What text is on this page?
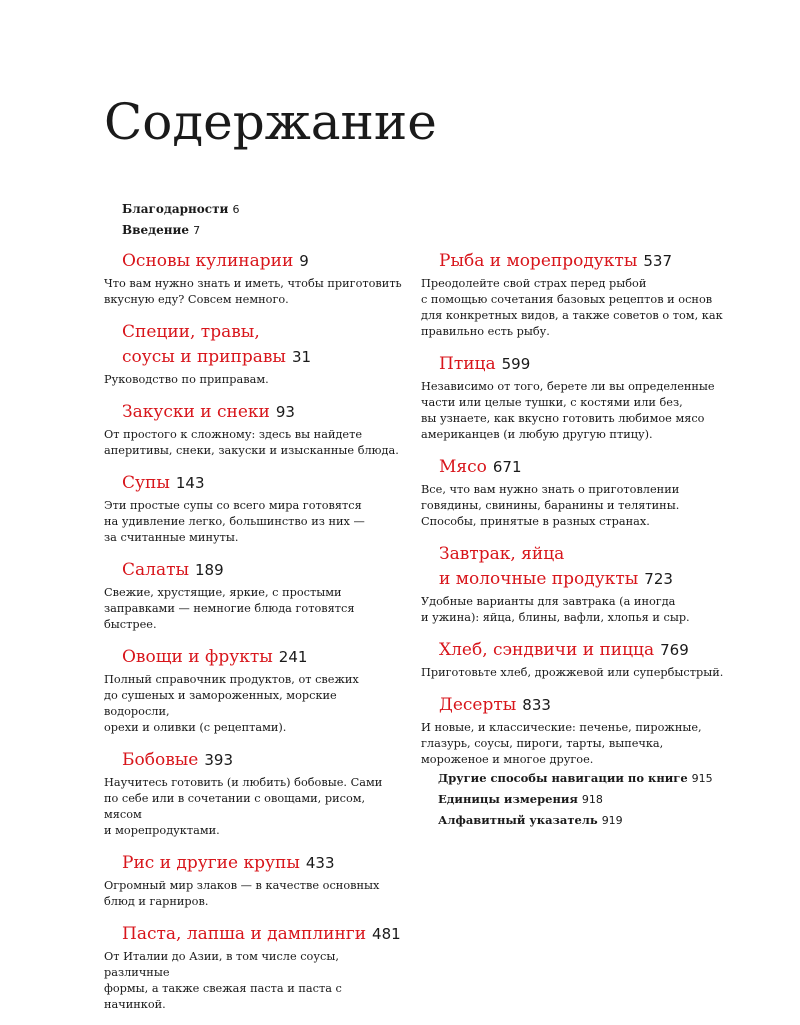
Содержание
Благодарности 6
Введение 7
Основы кулинарии 9
Что вам нужно знать и иметь, чтобы приготовить
вкусную еду? Совсем немного.
Специи, травы,
соусы и приправы 31
Руководство по приправам.
Закуски и снеки 93
От простого к сложному: здесь вы найдете
аперитивы, снеки, закуски и изысканные блюда.
Супы 143
Эти простые супы со всего мира готовятся
на удивление легко, большинство из них —
за считанные минуты.
Салаты 189
Свежие, хрустящие, яркие, с простыми
заправками — немногие блюда готовятся быстрее.
Овощи и фрукты 241
Полный справочник продуктов, от свежих
до сушеных и замороженных, морские водоросли,
орехи и оливки (с рецептами).
Бобовые 393
Научитесь готовить (и любить) бобовые. Сами
по себе или в сочетании с овощами, рисом, мясом
и морепродуктами.
Рис и другие крупы 433
Огромный мир злаков — в качестве основных
блюд и гарниров.
Паста, лапша и дамплинги 481
От Италии до Азии, в том числе соусы, различные
формы, а также свежая паста и паста с начинкой.
Рыба и морепродукты 537
Преодолейте свой страх перед рыбой
с помощью сочетания базовых рецептов и основ
для конкретных видов, а также советов о том, как
правильно есть рыбу.
Птица 599
Независимо от того, берете ли вы определенные
части или целые тушки, с костями или без,
вы узнаете, как вкусно готовить любимое мясо
американцев (и любую другую птицу).
Мясо 671
Все, что вам нужно знать о приготовлении
говядины, свинины, баранины и телятины.
Способы, принятые в разных странах.
Завтрак, яйца
и молочные продукты 723
Удобные варианты для завтрака (а иногда
и ужина): яйца, блины, вафли, хлопья и сыр.
Хлеб, сэндвичи и пицца 769
Приготовьте хлеб, дрожжевой или супербыстрый.
Десерты 833
И новые, и классические: печенье, пирожные,
глазурь, соусы, пироги, тарты, выпечка,
мороженое и многое другое.
Другие способы навигации по книге 915
Единицы измерения 918
Алфавитный указатель 919
